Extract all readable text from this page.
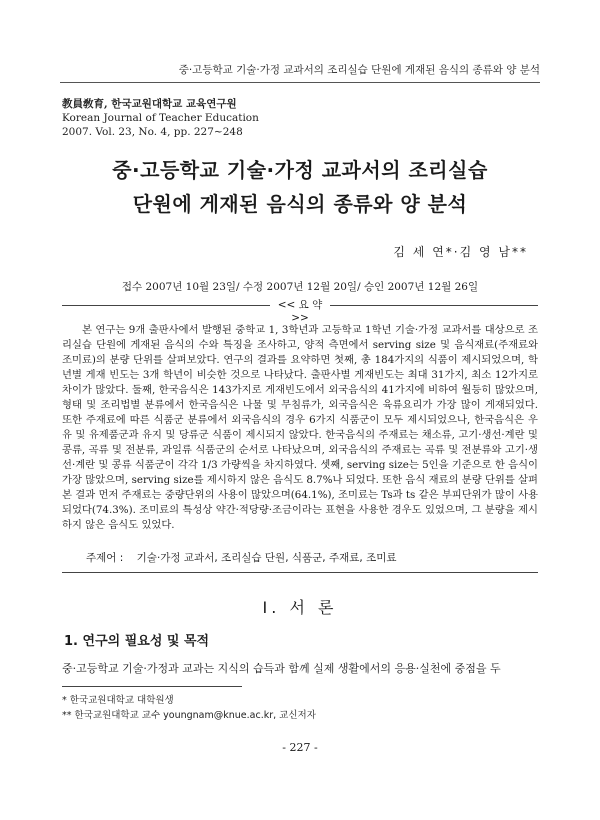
중·고등학교 기술·가정 교과서의 조리실습 단원에 게재된 음식의 종류와 양 분석
教員敎育, 한국교원대학교 교육연구원
Korean Journal of Teacher Education
2007. Vol. 23, No. 4, pp. 227∼248
중·고등학교 기술·가정 교과서의 조리실습
단원에 게재된 음식의 종류와 양 분석
김 세 연*·김 영 남**
접수 2007년 10월 23일/ 수정 2007년 12월 20일/ 승인 2007년 12월 26일
<< 요 약 >>
본 연구는 9개 출판사에서 발행된 중학교 1, 3학년과 고등학교 1학년 기술·가정 교과서를 대상으로 조리실습 단원에 게재된 음식의 수와 특징을 조사하고, 양적 측면에서 serving size 및 음식재료(주재료와 조미료)의 분량 단위를 살펴보았다. 연구의 결과를 요약하면 첫째, 총 184가지의 식품이 제시되었으며, 학년별 게재 빈도는 3개 학년이 비슷한 것으로 나타났다. 출판사별 게재빈도는 최대 31가지, 최소 12가지로 차이가 많았다. 둘째, 한국음식은 143가지로 게재빈도에서 외국음식의 41가지에 비하여 월등히 많았으며, 형태 및 조리법별 분류에서 한국음식은 나물 및 무침류가, 외국음식은 육류요리가 가장 많이 게재되었다. 또한 주재료에 따른 식품군 분류에서 외국음식의 경우 6가지 식품군이 모두 제시되었으나, 한국음식은 우유 및 유제품군과 유지 및 당류군 식품이 제시되지 않았다. 한국음식의 주재료는 채소류, 고기·생선·계란 및 콩류, 곡류 및 전분류, 과일류 식품군의 순서로 나타났으며, 외국음식의 주재료는 곡류 및 전분류와 고기·생선·계란 및 콩류 식품군이 각각 1/3 가량씩을 차지하였다. 셋째, serving size는 5인을 기준으로 한 음식이 가장 많았으며, serving size를 제시하지 않은 음식도 8.7%나 되었다. 또한 음식 재료의 분량 단위를 살펴본 결과 먼저 주재료는 중량단위의 사용이 많았으며(64.1%), 조미료는 Ts과 ts 같은 부피단위가 많이 사용되었다(74.3%). 조미료의 특성상 약간·적당량·조금이라는 표현을 사용한 경우도 있었으며, 그 분량을 제시하지 않은 음식도 있었다.
주제어 : 기술·가정 교과서, 조리실습 단원, 식품군, 주재료, 조미료
Ⅰ. 서 론
1. 연구의 필요성 및 목적
중·고등학교 기술·가정과 교과는 지식의 습득과 함께 실제 생활에서의 응용·실천에 중점을 두
* 한국교원대학교 대학원생
** 한국교원대학교 교수 youngnam@knue.ac.kr, 교신저자
- 227 -
